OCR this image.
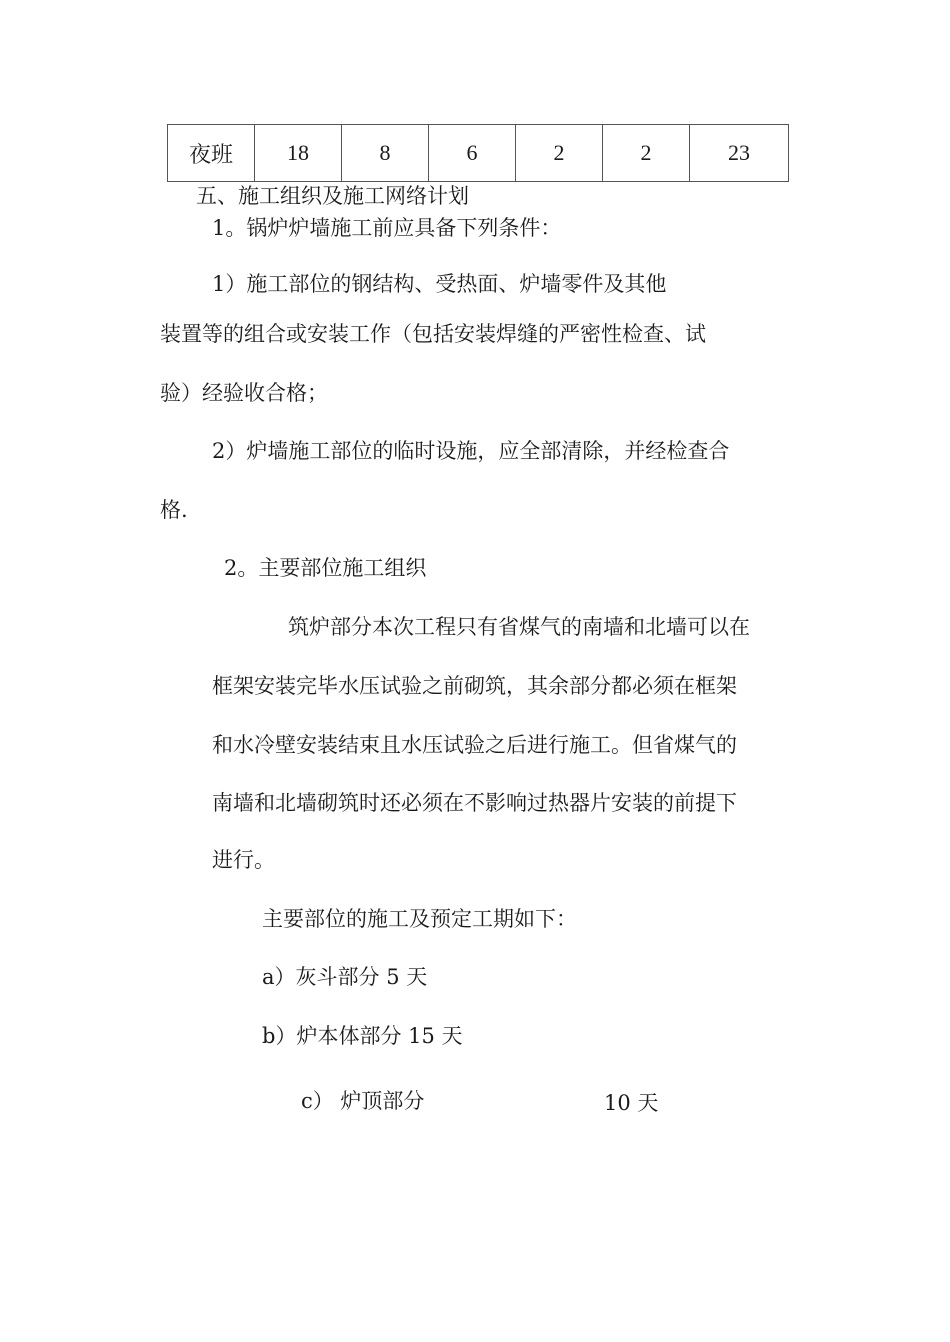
夜班	18	8	6	2	2	23
五、施工组织及施工网络计划
1。锅炉炉墙施工前应具备下列条件：
1）施工部位的钢结构、受热面、炉墙零件及其他
装置等的组合或安装工作（包括安装焊缝的严密性检查、试
验）经验收合格；
2）炉墙施工部位的临时设施，应全部清除，并经检查合
格.
2。主要部位施工组织
筑炉部分本次工程只有省煤气的南墙和北墙可以在
框架安装完毕水压试验之前砌筑，其余部分都必须在框架
和水冷壁安装结束且水压试验之后进行施工。但省煤气的
南墙和北墙砌筑时还必须在不影响过热器片安装的前提下
进行。
主要部位的施工及预定工期如下：
a）灰斗部分 5 天
b）炉本体部分 15 天
c） 炉顶部分	10 天
